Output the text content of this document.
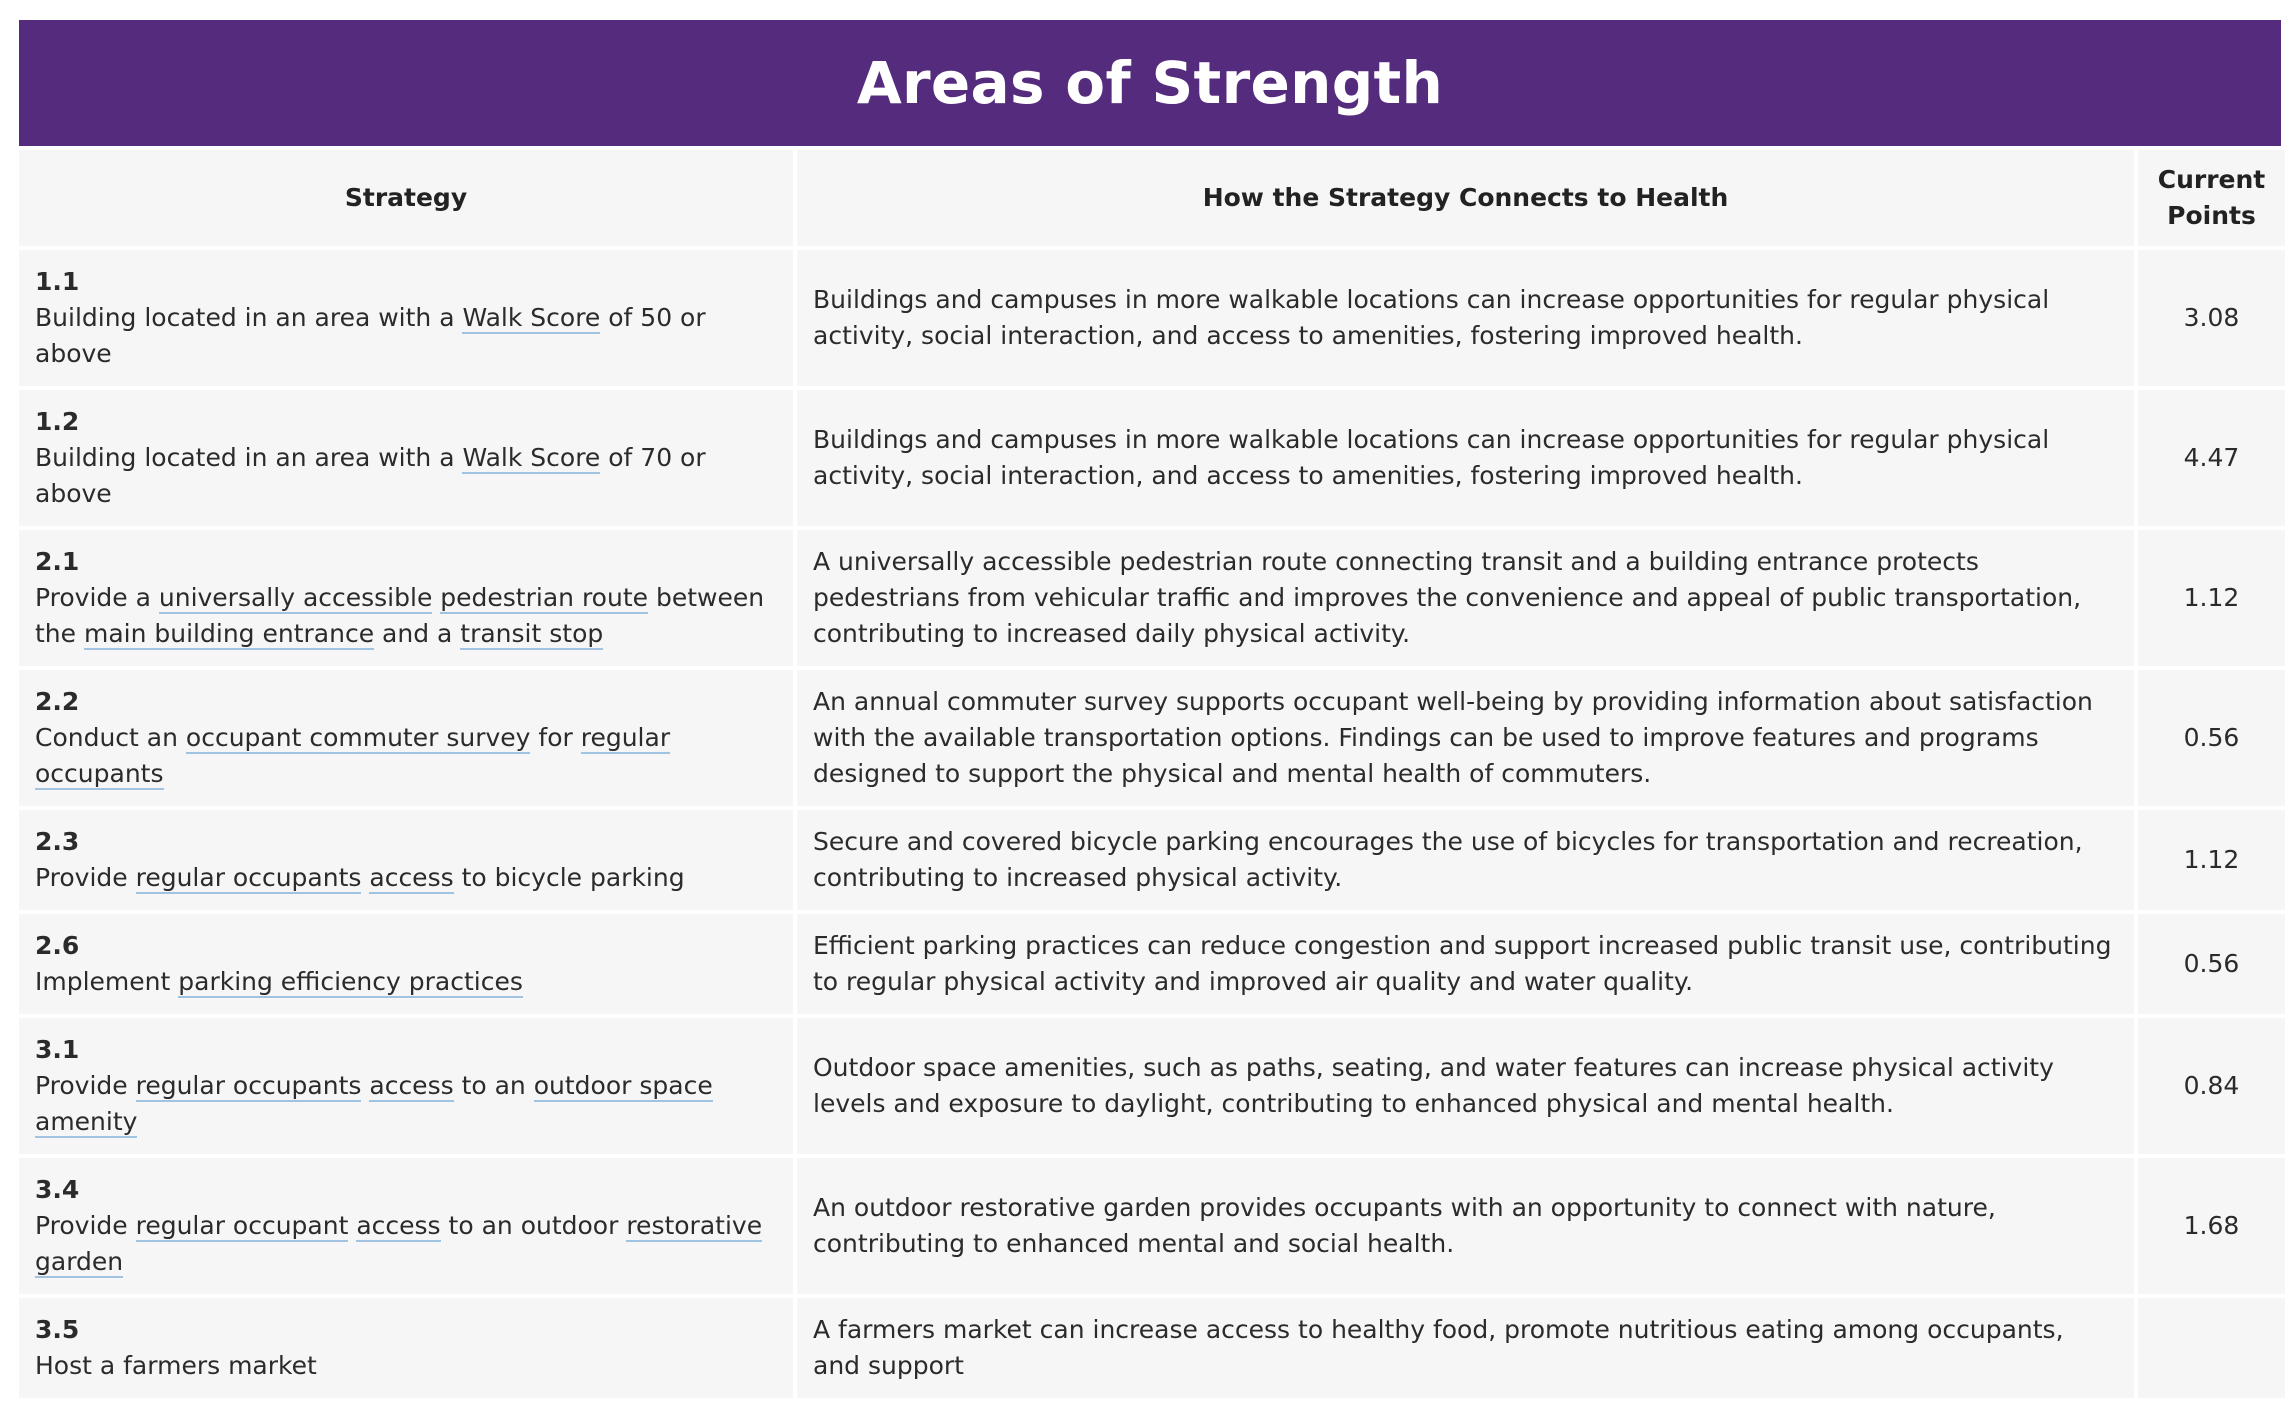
Areas of Strength
Strategy	How the Strategy Connects to Health	Current
Points

1.1
Building located in an area with a Walk Score of 50 or above	Buildings and campuses in more walkable locations can increase opportunities for regular physical activity, social interaction, and access to amenities, fostering improved health.	3.08

1.2
Building located in an area with a Walk Score of 70 or above	Buildings and campuses in more walkable locations can increase opportunities for regular physical activity, social interaction, and access to amenities, fostering improved health.	4.47

2.1
Provide a universally accessible pedestrian route between the main building entrance and a transit stop	A universally accessible pedestrian route connecting transit and a building entrance protects pedestrians from vehicular traffic and improves the convenience and appeal of public transportation, contributing to increased daily physical activity.	1.12

2.2
Conduct an occupant commuter survey for regular occupants	An annual commuter survey supports occupant well-being by providing information about satisfaction with the available transportation options. Findings can be used to improve features and programs designed to support the physical and mental health of commuters.	0.56

2.3
Provide regular occupants access to bicycle parking	Secure and covered bicycle parking encourages the use of bicycles for transportation and recreation, contributing to increased physical activity.	1.12

2.6
Implement parking efficiency practices	Efficient parking practices can reduce congestion and support increased public transit use, contributing to regular physical activity and improved air quality and water quality.	0.56

3.1
Provide regular occupants access to an outdoor space amenity	Outdoor space amenities, such as paths, seating, and water features can increase physical activity levels and exposure to daylight, contributing to enhanced physical and mental health.	0.84

3.4
Provide regular occupant access to an outdoor restorative garden	An outdoor restorative garden provides occupants with an opportunity to connect with nature, contributing to enhanced mental and social health.	1.68

3.5
Host a farmers market	A farmers market can increase access to healthy food, promote nutritious eating among occupants, and support	
